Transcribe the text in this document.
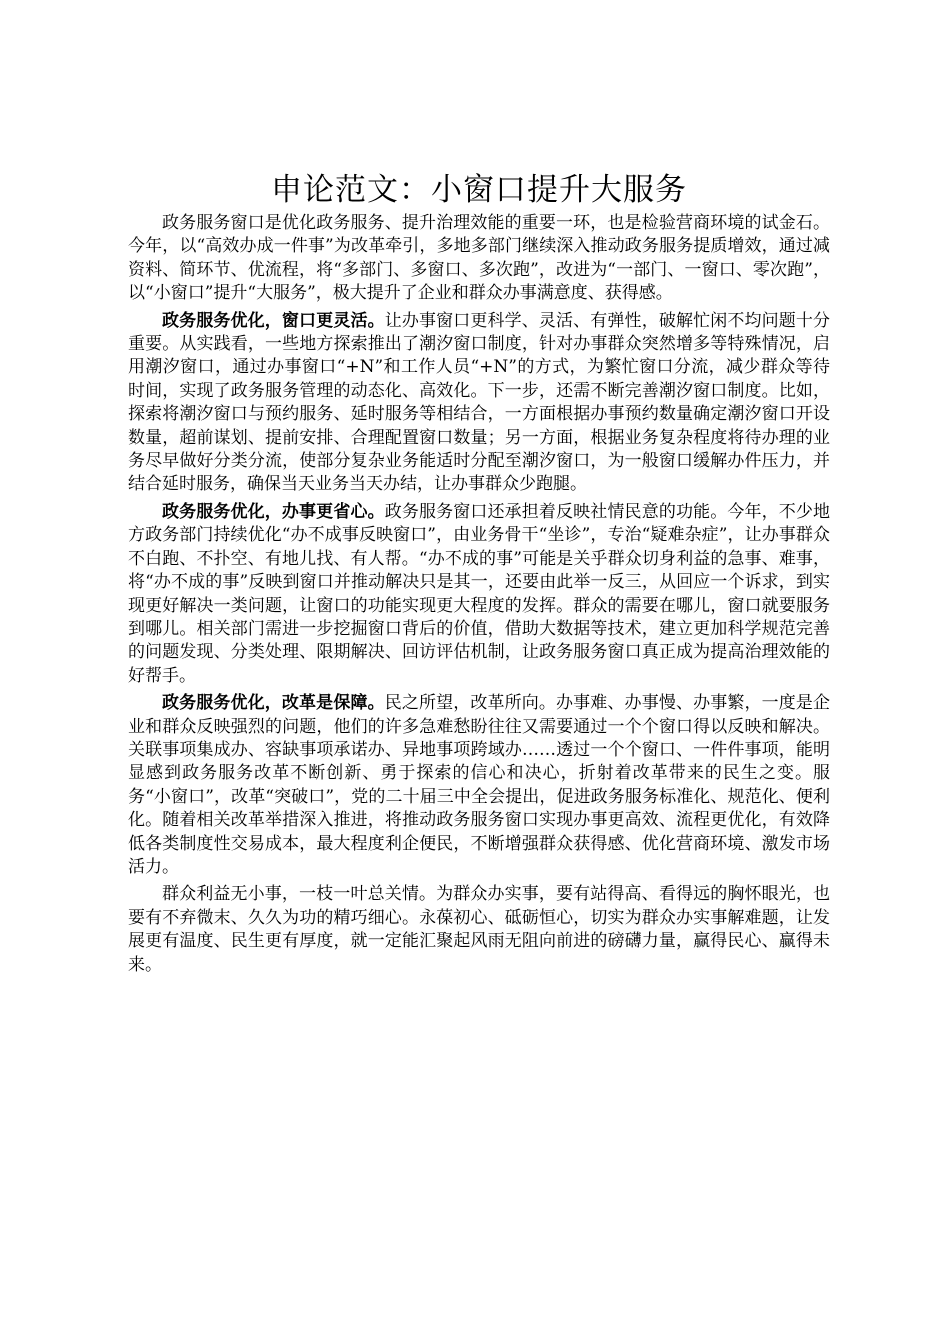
申论范文：小窗口提升大服务

政务服务窗口是优化政务服务、提升治理效能的重要一环，也是检验营商环境的试金石。今年，以“高效办成一件事”为改革牵引，多地多部门继续深入推动政务服务提质增效，通过减资料、简环节、优流程，将“多部门、多窗口、多次跑”，改进为“一部门、一窗口、零次跑”，以“小窗口”提升“大服务”，极大提升了企业和群众办事满意度、获得感。

政务服务优化，窗口更灵活。让办事窗口更科学、灵活、有弹性，破解忙闲不均问题十分重要。从实践看，一些地方探索推出了潮汐窗口制度，针对办事群众突然增多等特殊情况，启用潮汐窗口，通过办事窗口“+N”和工作人员“+N”的方式，为繁忙窗口分流，减少群众等待时间，实现了政务服务管理的动态化、高效化。下一步，还需不断完善潮汐窗口制度。比如，探索将潮汐窗口与预约服务、延时服务等相结合，一方面根据办事预约数量确定潮汐窗口开设数量，超前谋划、提前安排、合理配置窗口数量；另一方面，根据业务复杂程度将待办理的业务尽早做好分类分流，使部分复杂业务能适时分配至潮汐窗口，为一般窗口缓解办件压力，并结合延时服务，确保当天业务当天办结，让办事群众少跑腿。

政务服务优化，办事更省心。政务服务窗口还承担着反映社情民意的功能。今年，不少地方政务部门持续优化“办不成事反映窗口”，由业务骨干“坐诊”，专治“疑难杂症”，让办事群众不白跑、不扑空、有地儿找、有人帮。“办不成的事”可能是关乎群众切身利益的急事、难事，将“办不成的事”反映到窗口并推动解决只是其一，还要由此举一反三，从回应一个诉求，到实现更好解决一类问题，让窗口的功能实现更大程度的发挥。群众的需要在哪儿，窗口就要服务到哪儿。相关部门需进一步挖掘窗口背后的价值，借助大数据等技术，建立更加科学规范完善的问题发现、分类处理、限期解决、回访评估机制，让政务服务窗口真正成为提高治理效能的好帮手。

政务服务优化，改革是保障。民之所望，改革所向。办事难、办事慢、办事繁，一度是企业和群众反映强烈的问题，他们的许多急难愁盼往往又需要通过一个个窗口得以反映和解决。关联事项集成办、容缺事项承诺办、异地事项跨域办……透过一个个窗口、一件件事项，能明显感到政务服务改革不断创新、勇于探索的信心和决心，折射着改革带来的民生之变。服务“小窗口”，改革“突破口”，党的二十届三中全会提出，促进政务服务标准化、规范化、便利化。随着相关改革举措深入推进，将推动政务服务窗口实现办事更高效、流程更优化，有效降低各类制度性交易成本，最大程度利企便民，不断增强群众获得感、优化营商环境、激发市场活力。

群众利益无小事，一枝一叶总关情。为群众办实事，要有站得高、看得远的胸怀眼光，也要有不弃微末、久久为功的精巧细心。永葆初心、砥砺恒心，切实为群众办实事解难题，让发展更有温度、民生更有厚度，就一定能汇聚起风雨无阻向前进的磅礴力量，赢得民心、赢得未来。
